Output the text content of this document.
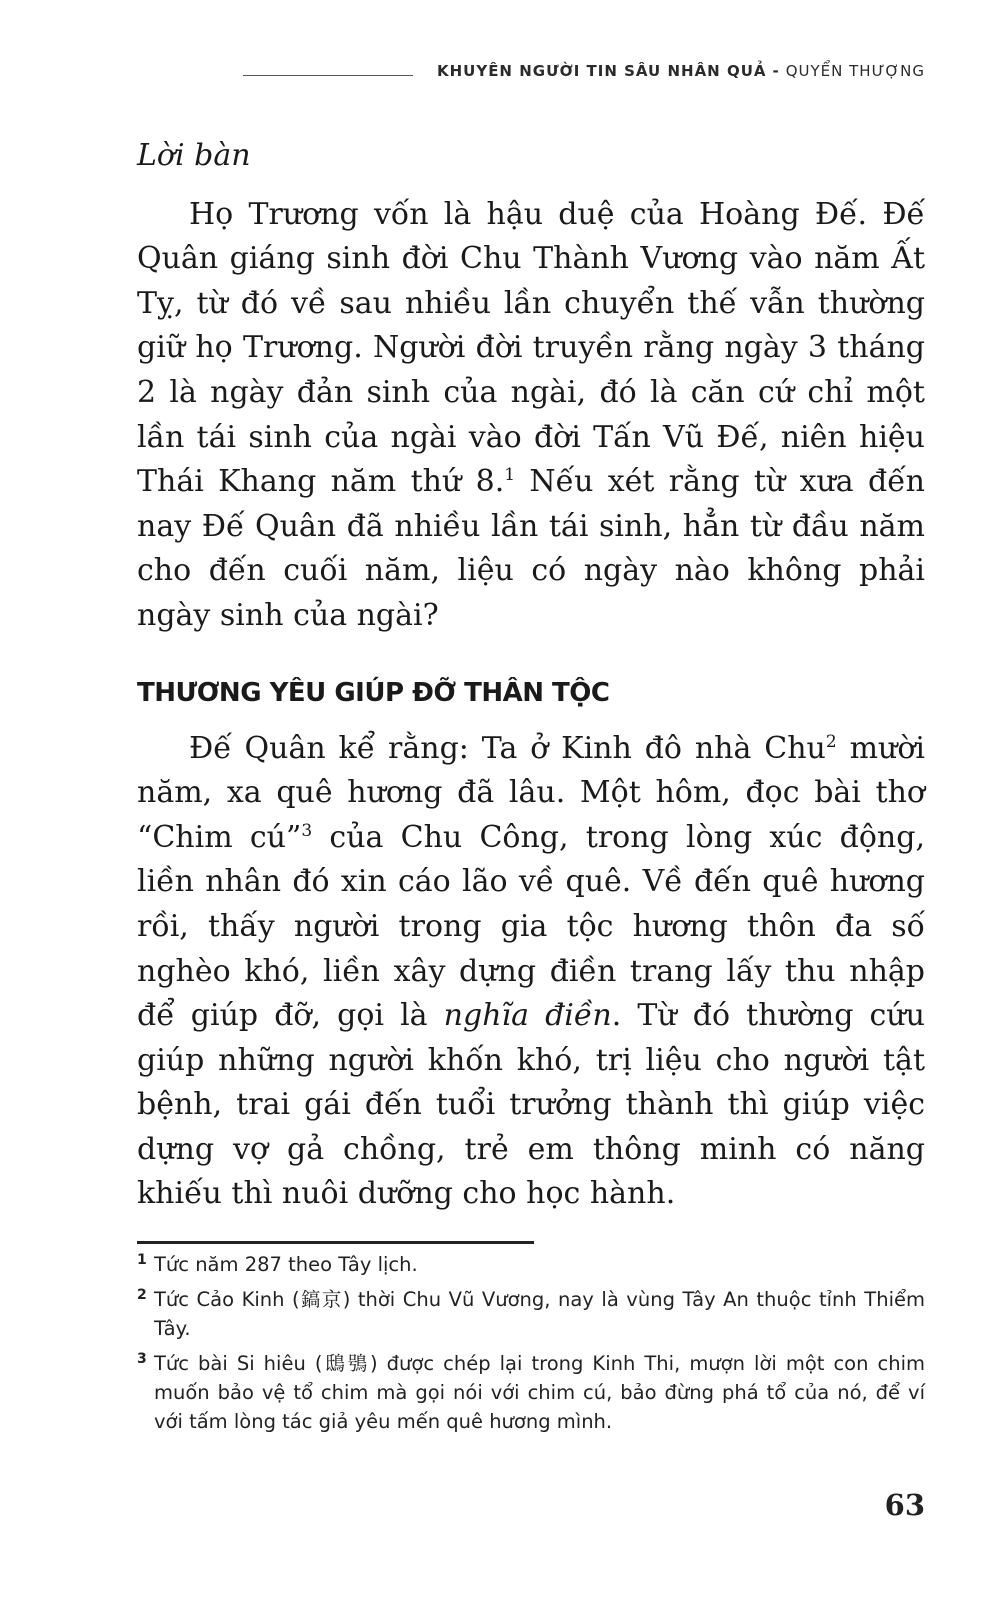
KHUYÊN NGƯỜI TIN SÂU NHÂN QUẢ - QUYỂN THƯỢNG

Lời bàn

Họ Trương vốn là hậu duệ của Hoàng Đế. Đế Quân giáng sinh đời Chu Thành Vương vào năm Ất Tỵ, từ đó về sau nhiều lần chuyển thế vẫn thường giữ họ Trương. Người đời truyền rằng ngày 3 tháng 2 là ngày đản sinh của ngài, đó là căn cứ chỉ một lần tái sinh của ngài vào đời Tấn Vũ Đế, niên hiệu Thái Khang năm thứ 8.$^1$ Nếu xét rằng từ xưa đến nay Đế Quân đã nhiều lần tái sinh, hẳn từ đầu năm cho đến cuối năm, liệu có ngày nào không phải ngày sinh của ngài?

THƯƠNG YÊU GIÚP ĐỠ THÂN TỘC

Đế Quân kể rằng: Ta ở Kinh đô nhà Chu$^2$ mười năm, xa quê hương đã lâu. Một hôm, đọc bài thơ “Chim cú”$^3$ của Chu Công, trong lòng xúc động, liền nhân đó xin cáo lão về quê. Về đến quê hương rồi, thấy người trong gia tộc hương thôn đa số nghèo khó, liền xây dựng điền trang lấy thu nhập để giúp đỡ, gọi là nghĩa điền. Từ đó thường cứu giúp những người khốn khó, trị liệu cho người tật bệnh, trai gái đến tuổi trưởng thành thì giúp việc dựng vợ gả chồng, trẻ em thông minh có năng khiếu thì nuôi dưỡng cho học hành.

1 Tức năm 287 theo Tây lịch.
2 Tức Cảo Kinh (鎬京) thời Chu Vũ Vương, nay là vùng Tây An thuộc tỉnh Thiểm Tây.
3 Tức bài Si hiêu (鴟鴞) được chép lại trong Kinh Thi, mượn lời một con chim muốn bảo vệ tổ chim mà gọi nói với chim cú, bảo đừng phá tổ của nó, để ví với tấm lòng tác giả yêu mến quê hương mình.
63
